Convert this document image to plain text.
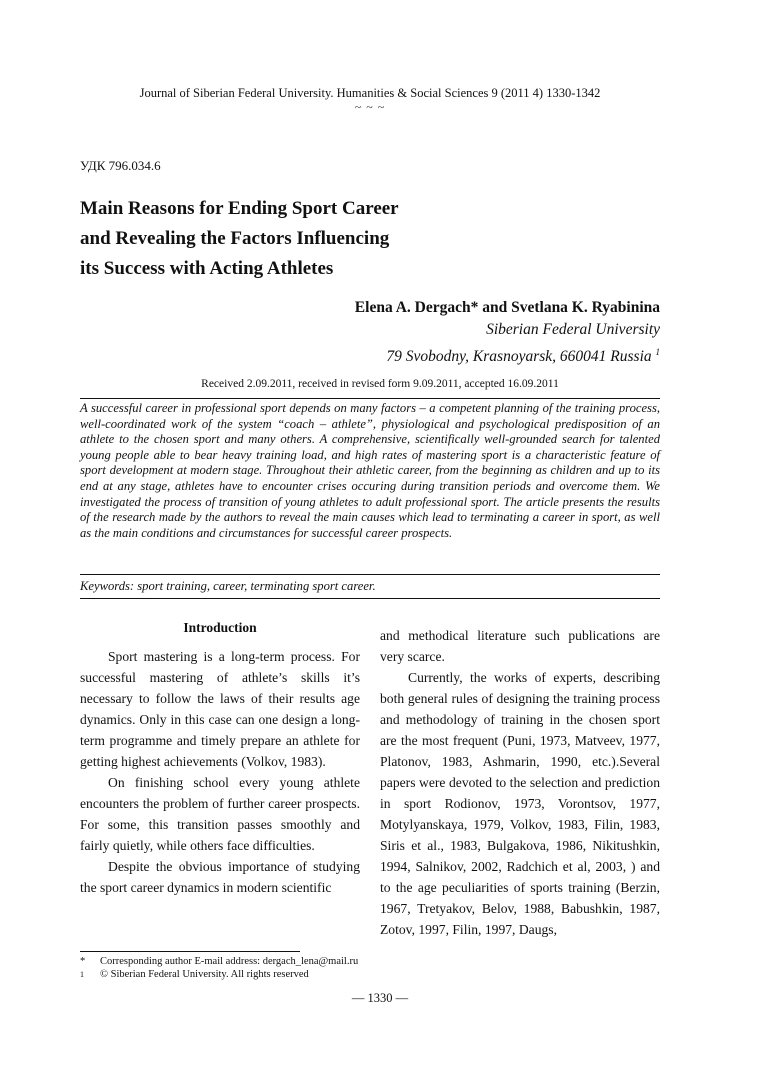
Journal of Siberian Federal University. Humanities & Social Sciences 9 (2011 4) 1330-1342
~ ~ ~
УДК 796.034.6
Main Reasons for Ending Sport Career
and Revealing the Factors Influencing
its Success with Acting Athletes
Elena A. Dergach* and Svetlana K. Ryabinina
Siberian Federal University
79 Svobodny, Krasnoyarsk, 660041 Russia $^1$
Received 2.09.2011, received in revised form 9.09.2011, accepted 16.09.2011

A successful career in professional sport depends on many factors – a competent planning of the training process, well-coordinated work of the system “coach – athlete”, physiological and psychological predisposition of an athlete to the chosen sport and many others. A comprehensive, scientifically well-grounded search for talented young people able to bear heavy training load, and high rates of mastering sport is a characteristic feature of sport development at modern stage. Throughout their athletic career, from the beginning as children and up to its end at any stage, athletes have to encounter crises occuring during transition periods and overcome them. We investigated the process of transition of young athletes to adult professional sport. The article presents the results of the research made by the authors to reveal the main causes which lead to terminating a career in sport, as well as the main conditions and circumstances for successful career prospects.

Keywords: sport training, career, terminating sport career.
Introduction

Sport mastering is a long-term process. For successful mastering of athlete’s skills it’s necessary to follow the laws of their results age dynamics. Only in this case can one design a long-term programme and timely prepare an athlete for getting highest achievements (Volkov, 1983).

On finishing school every young athlete encounters the problem of further career prospects. For some, this transition passes smoothly and fairly quietly, while others face difficulties.

Despite the obvious importance of studying the sport career dynamics in modern scientific

and methodical literature such publications are very scarce.

Currently, the works of experts, describing both general rules of designing the training process and methodology of training in the chosen sport are the most frequent (Puni, 1973, Matveev, 1977, Platonov, 1983, Ashmarin, 1990, etc.).Several papers were devoted to the selection and prediction in sport Rodionov, 1973, Vorontsov, 1977, Motylyanskaya, 1979, Volkov, 1983, Filin, 1983, Siris et al., 1983, Bulgakova, 1986, Nikitushkin, 1994, Salnikov, 2002, Radchich et al, 2003, ) and to the age peculiarities of sports training (Berzin, 1967, Tretyakov, Belov, 1988, Babushkin, 1987, Zotov, 1997, Filin, 1997, Daugs,

*	Corresponding author E-mail address: dergach_lena@mail.ru
1	© Siberian Federal University. All rights reserved
— 1330 —
